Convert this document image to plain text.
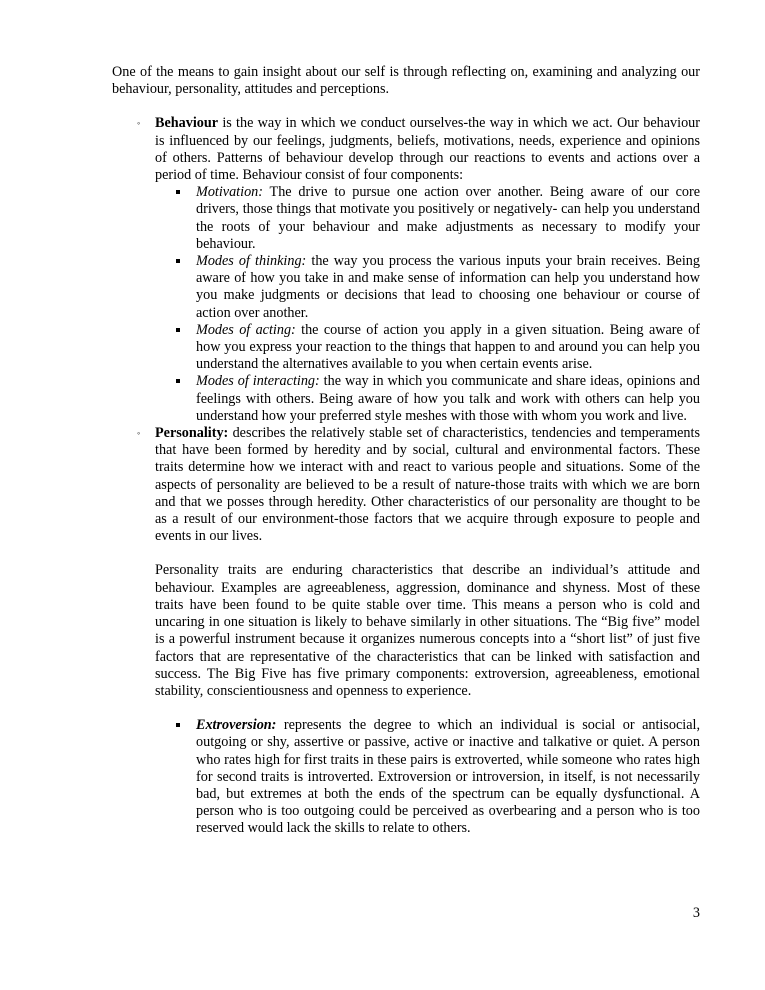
One of the means to gain insight about our self is through reflecting on, examining and analyzing our behaviour, personality, attitudes and perceptions.

◦ Behaviour is the way in which we conduct ourselves-the way in which we act. Our behaviour is influenced by our feelings, judgments, beliefs, motivations, needs, experience and opinions of others. Patterns of behaviour develop through our reactions to events and actions over a period of time. Behaviour consist of four components:

Motivation: The drive to pursue one action over another. Being aware of our core drivers, those things that motivate you positively or negatively- can help you understand the roots of your behaviour and make adjustments as necessary to modify your behaviour.

Modes of thinking: the way you process the various inputs your brain receives. Being aware of how you take in and make sense of information can help you understand how you make judgments or decisions that lead to choosing one behaviour or course of action over another.

Modes of acting: the course of action you apply in a given situation. Being aware of how you express your reaction to the things that happen to and around you can help you understand the alternatives available to you when certain events arise.

Modes of interacting: the way in which you communicate and share ideas, opinions and feelings with others. Being aware of how you talk and work with others can help you understand how your preferred style meshes with those with whom you work and live.

◦ Personality: describes the relatively stable set of characteristics, tendencies and temperaments that have been formed by heredity and by social, cultural and environmental factors. These traits determine how we interact with and react to various people and situations. Some of the aspects of personality are believed to be a result of nature-those traits with which we are born and that we posses through heredity. Other characteristics of our personality are thought to be as a result of our environment-those factors that we acquire through exposure to people and events in our lives.

Personality traits are enduring characteristics that describe an individual’s attitude and behaviour. Examples are agreeableness, aggression, dominance and shyness. Most of these traits have been found to be quite stable over time. This means a person who is cold and uncaring in one situation is likely to behave similarly in other situations. The “Big five” model is a powerful instrument because it organizes numerous concepts into a “short list” of just five factors that are representative of the characteristics that can be linked with satisfaction and success. The Big Five has five primary components: extroversion, agreeableness, emotional stability, conscientiousness and openness to experience.

Extroversion: represents the degree to which an individual is social or antisocial, outgoing or shy, assertive or passive, active or inactive and talkative or quiet. A person who rates high for first traits in these pairs is extroverted, while someone who rates high for second traits is introverted. Extroversion or introversion, in itself, is not necessarily bad, but extremes at both the ends of the spectrum can be equally dysfunctional. A person who is too outgoing could be perceived as overbearing and a person who is too reserved would lack the skills to relate to others.

3
